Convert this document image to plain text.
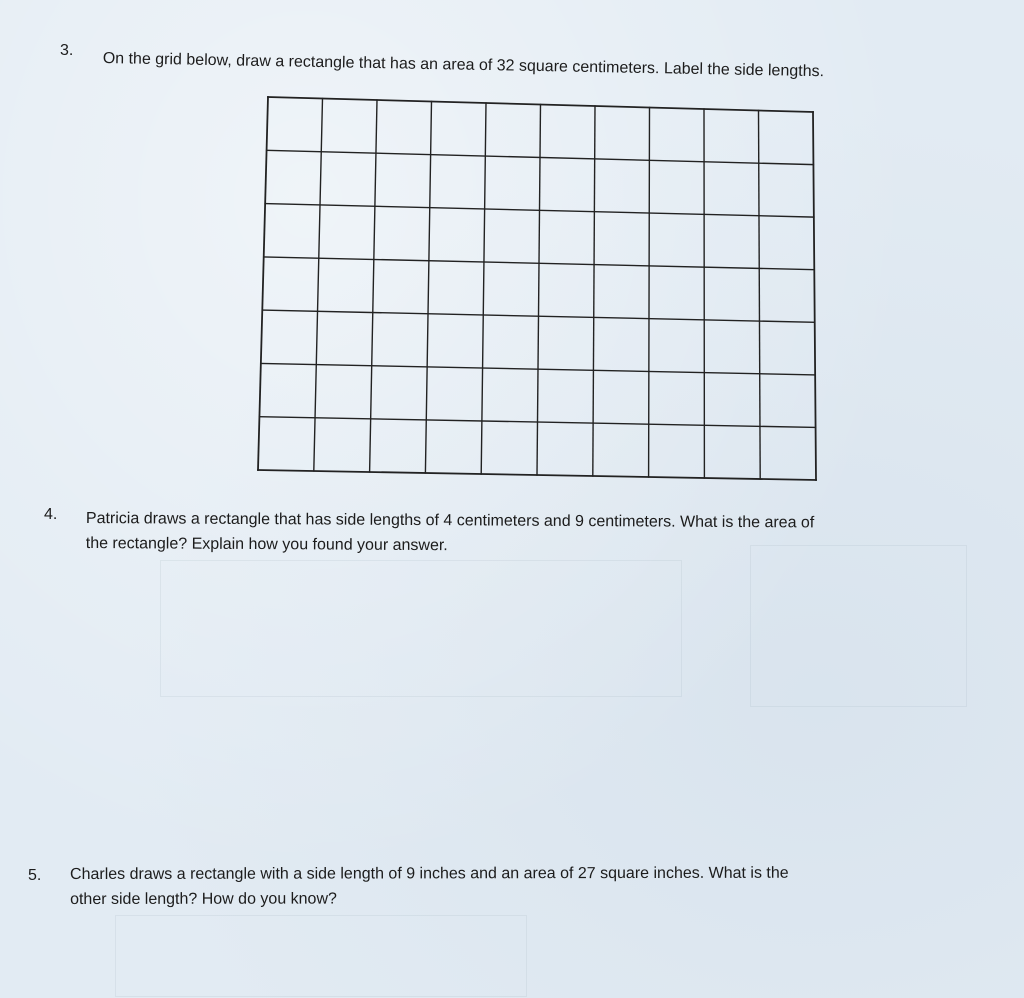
3. On the grid below, draw a rectangle that has an area of 32 square centimeters. Label the side lengths.
4. Patricia draws a rectangle that has side lengths of 4 centimeters and 9 centimeters. What is the area of
the rectangle? Explain how you found your answer.
5. Charles draws a rectangle with a side length of 9 inches and an area of 27 square inches. What is the
other side length? How do you know?
